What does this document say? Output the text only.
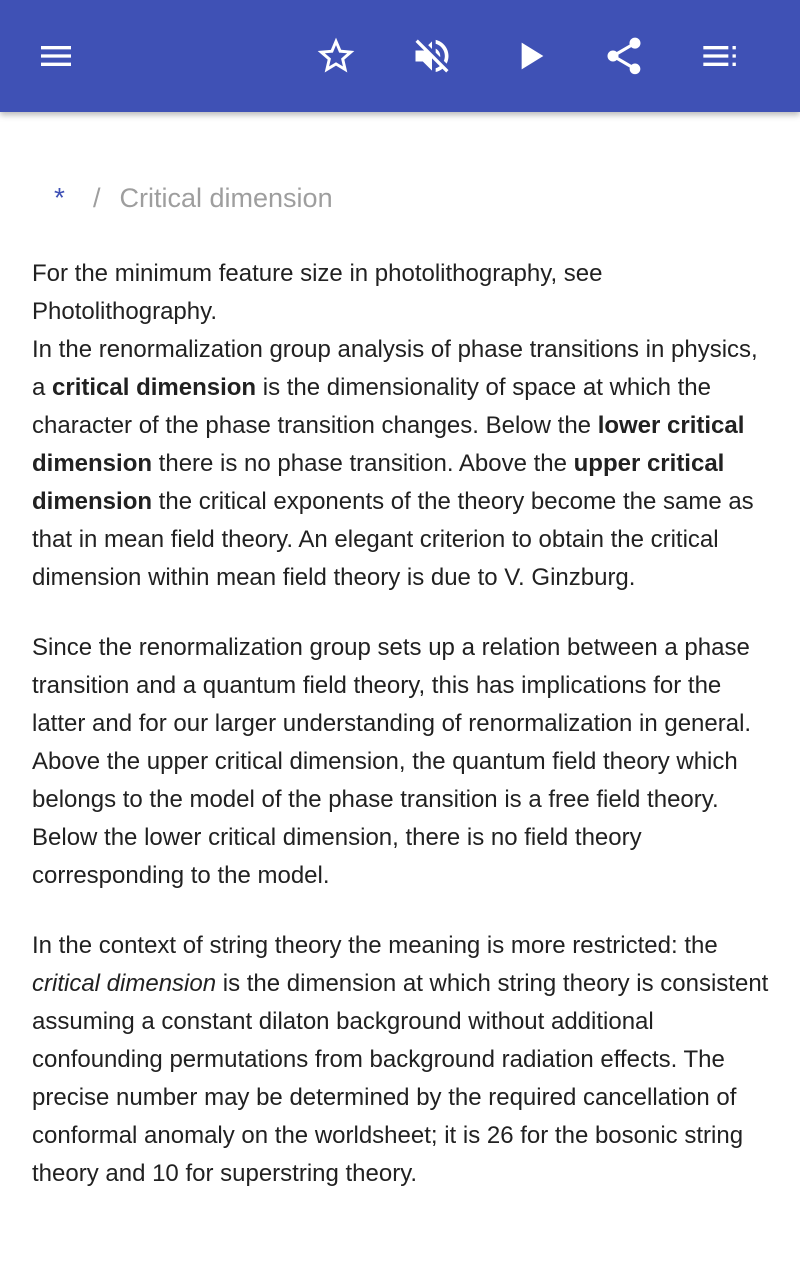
* / Critical dimension

For the minimum feature size in photolithography, see Photolithography.

In the renormalization group analysis of phase transitions in physics, a critical dimension is the dimensionality of space at which the character of the phase transition changes. Below the lower critical dimension there is no phase transition. Above the upper critical dimension the critical exponents of the theory become the same as that in mean field theory. An elegant criterion to obtain the critical dimension within mean field theory is due to V. Ginzburg.

Since the renormalization group sets up a relation between a phase transition and a quantum field theory, this has implications for the latter and for our larger understanding of renormalization in general. Above the upper critical dimension, the quantum field theory which belongs to the model of the phase transition is a free field theory. Below the lower critical dimension, there is no field theory corresponding to the model.

In the context of string theory the meaning is more restricted: the critical dimension is the dimension at which string theory is consistent assuming a constant dilaton background without additional confounding permutations from background radiation effects. The precise number may be determined by the required cancellation of conformal anomaly on the worldsheet; it is 26 for the bosonic string theory and 10 for superstring theory.
